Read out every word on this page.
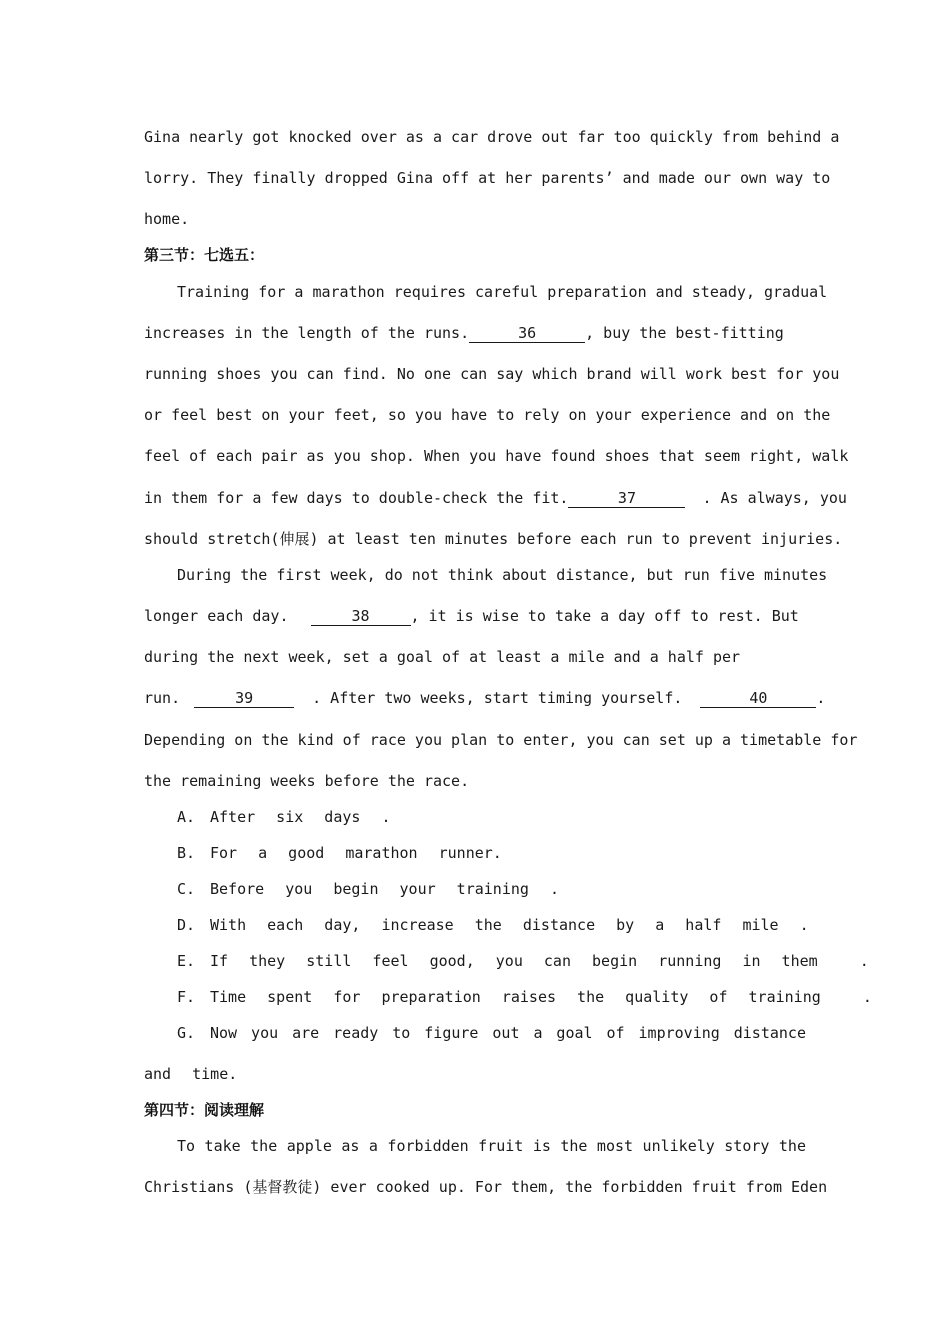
Gina nearly got knocked over as a car drove out far too quickly from behind a
lorry. They finally dropped Gina off at her parents’ and made our own way to
home.
第三节：七选五：
Training for a marathon requires careful preparation and steady, gradual
increases in the length of the runs.	36	, buy the best-fitting
running shoes you can find. No one can say which brand will work best for you
or feel best on your feet, so you have to rely on your experience and on the
feel of each pair as you shop. When you have found shoes that seem right, walk
in them for a few days to double-check the fit.	37	. As always, you
should stretch(伸展) at least ten minutes before each run to prevent injuries.
During the first week, do not think about distance, but run five minutes
longer each day.	38	, it is wise to take a day off to rest. But
during the next week, set a goal of at least a mile and a half per
run.	39	. After two weeks, start timing yourself.	40	.
Depending on the kind of race you plan to enter, you can set up a timetable for
the remaining weeks before the race.
A. After six days .
B. For a good marathon runner.
C. Before you begin your training .
D. With each day, increase the distance by a half mile .
E. If they still feel good, you can begin running in them  .
F. Time spent for preparation raises the quality of training  .
G. Now you are ready to figure out a goal of improving distance
and time.
第四节：阅读理解
To take the apple as a forbidden fruit is the most unlikely story the
Christians (基督教徒) ever cooked up. For them, the forbidden fruit from Eden
